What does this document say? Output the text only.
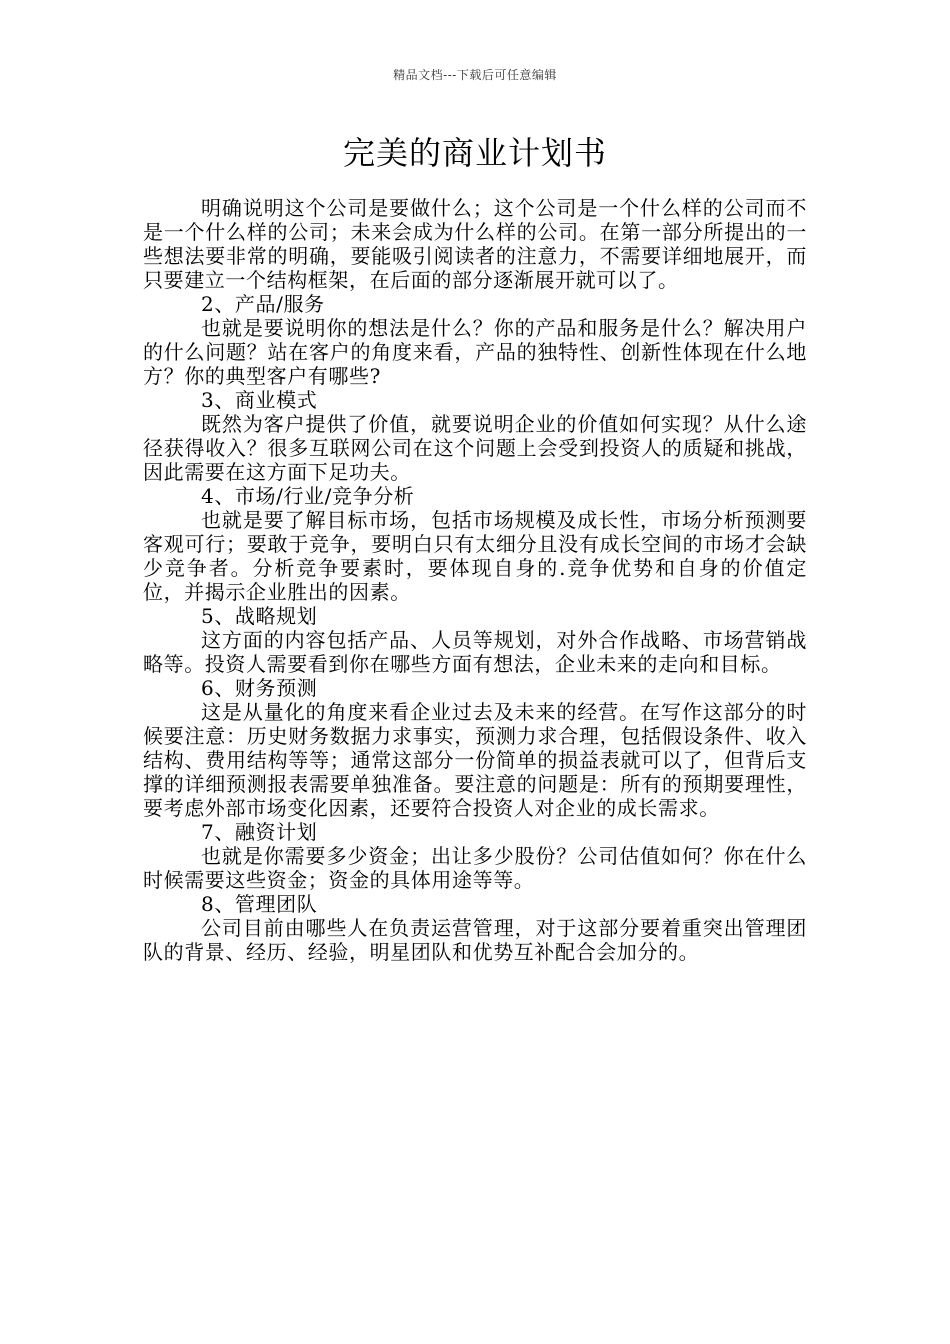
精品文档---下载后可任意编辑
完美的商业计划书

明确说明这个公司是要做什么；这个公司是一个什么样的公司而不是一个什么样的公司；未来会成为什么样的公司。在第一部分所提出的一些想法要非常的明确，要能吸引阅读者的注意力，不需要详细地展开，而只要建立一个结构框架，在后面的部分逐渐展开就可以了。

2、产品/服务

也就是要说明你的想法是什么？你的产品和服务是什么？解决用户的什么问题？站在客户的角度来看，产品的独特性、创新性体现在什么地方？你的典型客户有哪些?

3、商业模式

既然为客户提供了价值，就要说明企业的价值如何实现？从什么途径获得收入？很多互联网公司在这个问题上会受到投资人的质疑和挑战，因此需要在这方面下足功夫。

4、市场/行业/竞争分析

也就是要了解目标市场，包括市场规模及成长性，市场分析预测要客观可行；要敢于竞争，要明白只有太细分且没有成长空间的市场才会缺少竞争者。分析竞争要素时，要体现自身的.竞争优势和自身的价值定位，并揭示企业胜出的因素。

5、战略规划

这方面的内容包括产品、人员等规划，对外合作战略、市场营销战略等。投资人需要看到你在哪些方面有想法，企业未来的走向和目标。

6、财务预测

这是从量化的角度来看企业过去及未来的经营。在写作这部分的时候要注意：历史财务数据力求事实，预测力求合理，包括假设条件、收入结构、费用结构等等；通常这部分一份简单的损益表就可以了，但背后支撑的详细预测报表需要单独准备。要注意的问题是：所有的预期要理性，要考虑外部市场变化因素，还要符合投资人对企业的成长需求。

7、融资计划

也就是你需要多少资金；出让多少股份？公司估值如何？你在什么时候需要这些资金；资金的具体用途等等。

8、管理团队

公司目前由哪些人在负责运营管理，对于这部分要着重突出管理团队的背景、经历、经验，明星团队和优势互补配合会加分的。
